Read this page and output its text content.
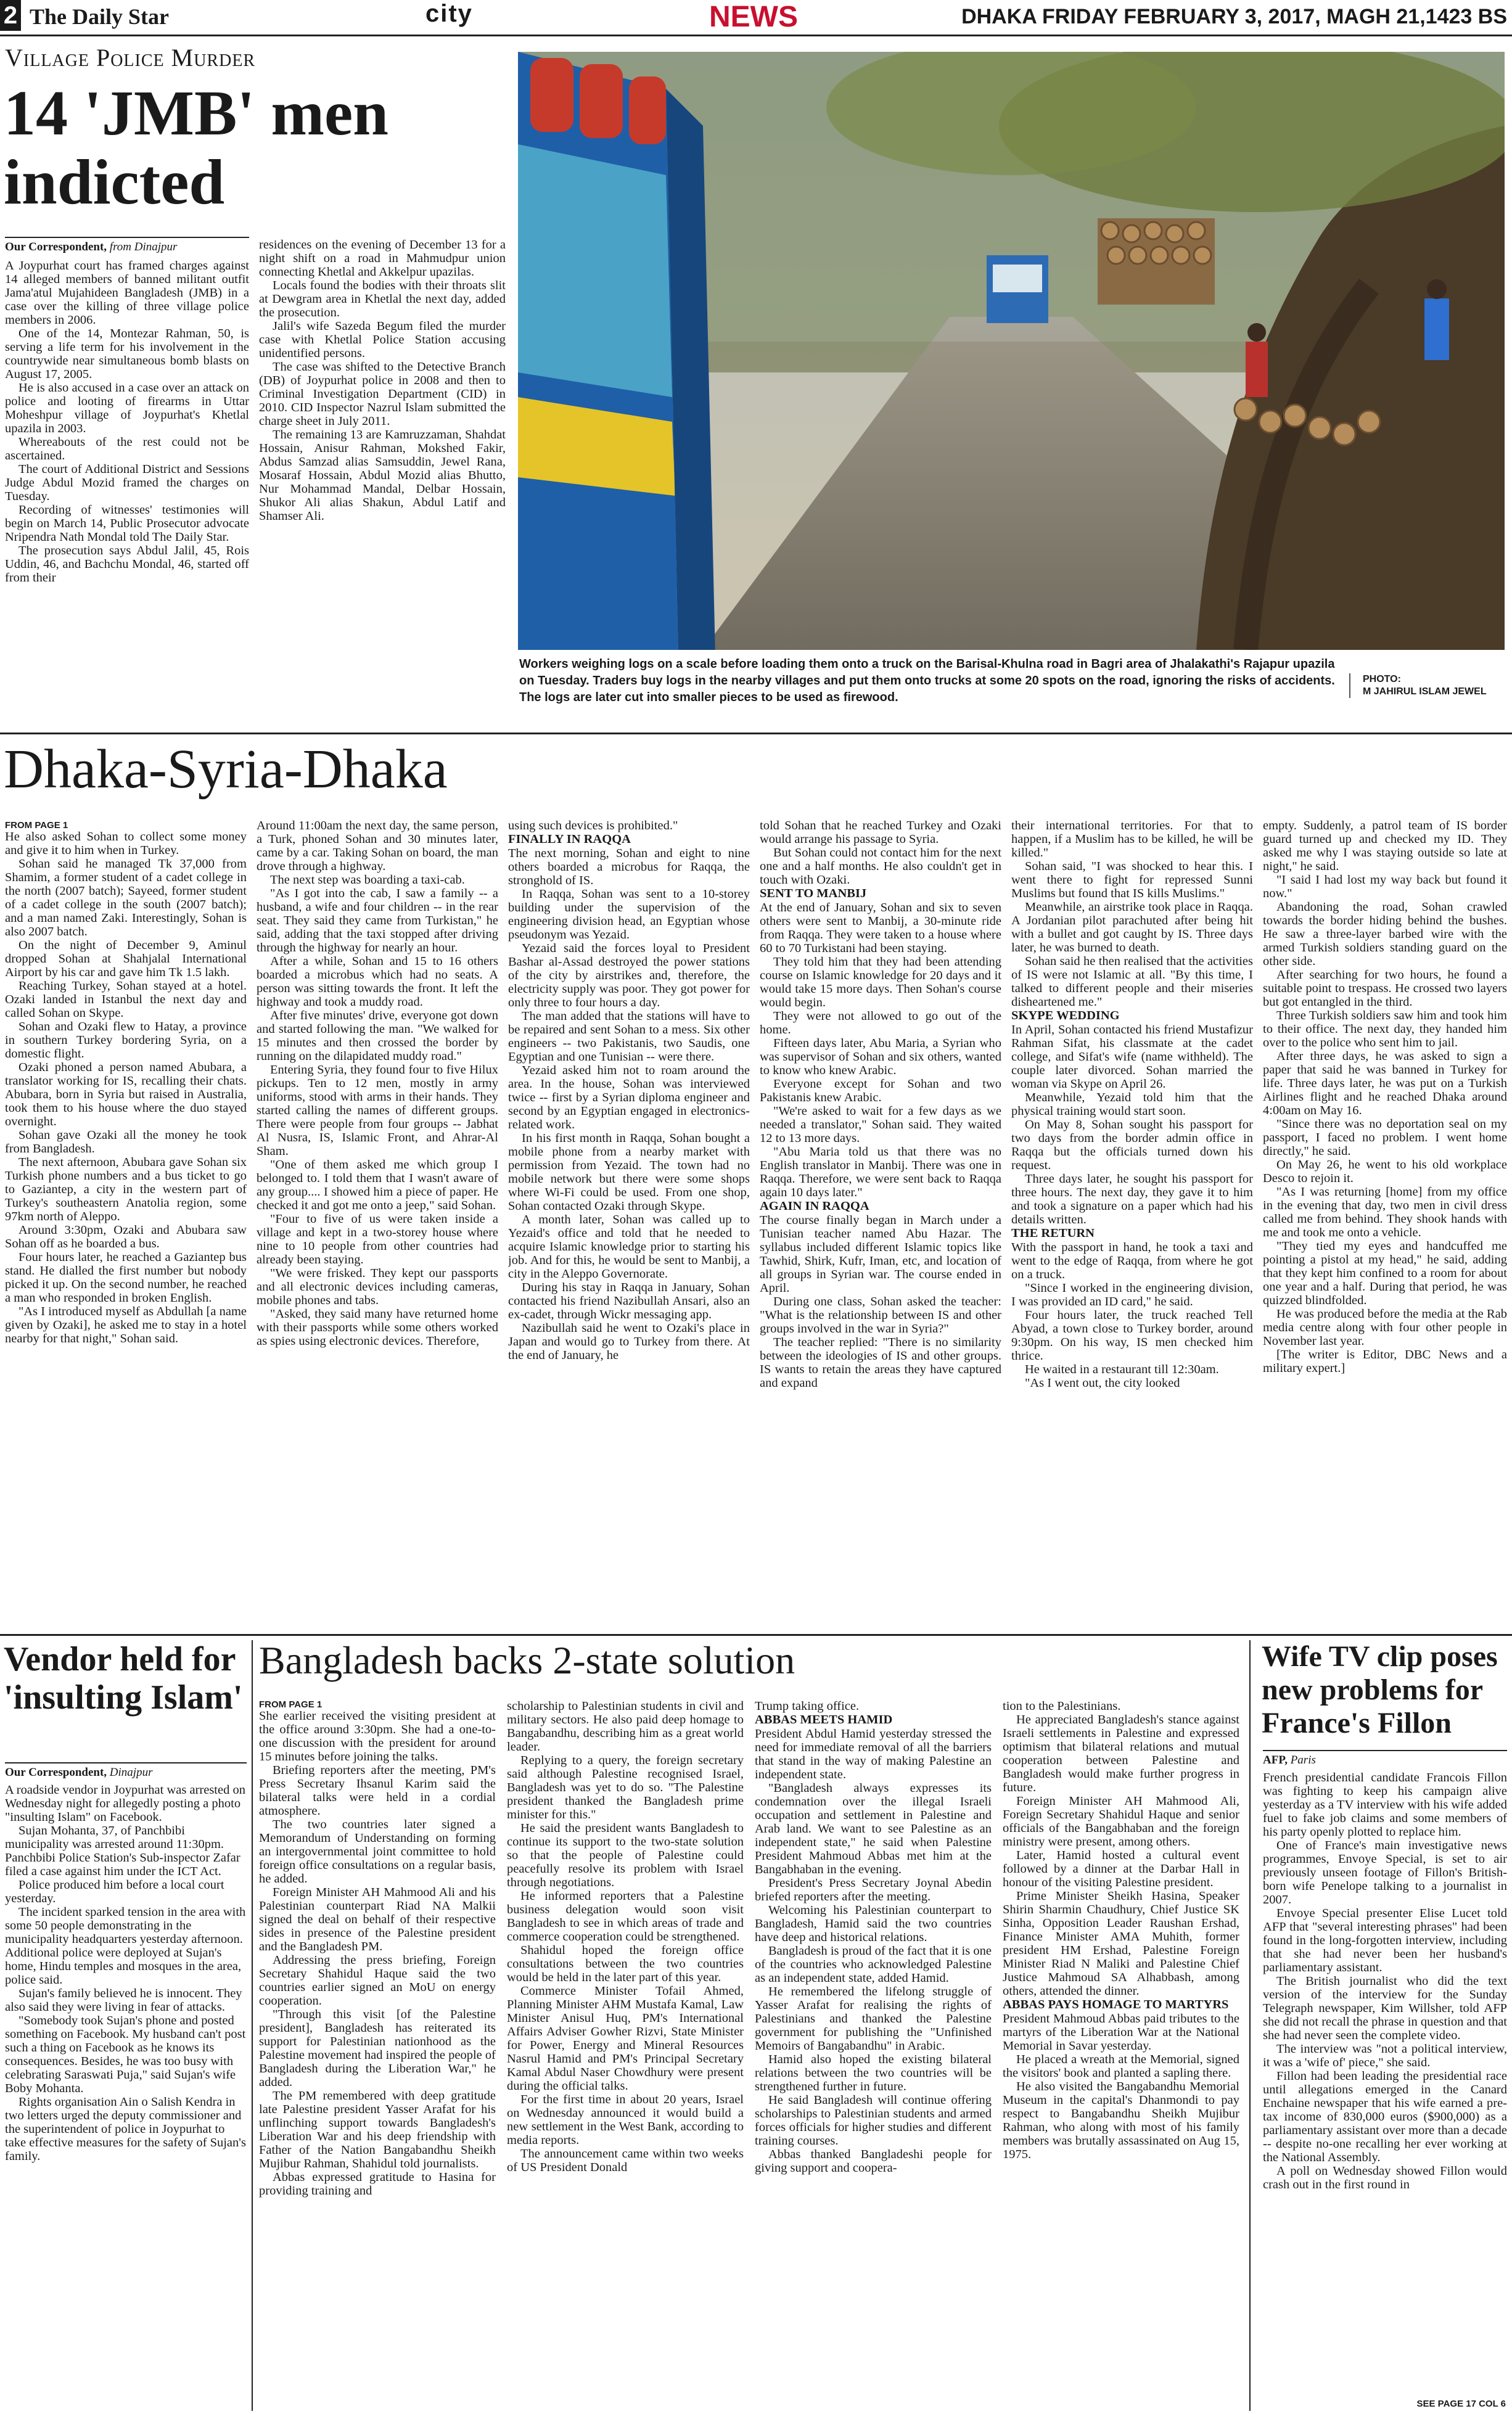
2 The Daily Star	city	NEWS	DHAKA FRIDAY FEBRUARY 3, 2017, MAGH 21,1423 BS
Village Police Murder
14 'JMB' men
indicted
Our Correspondent, from Dinajpur

A Joypurhat court has framed charges against 14 alleged members of banned militant outfit Jama'atul Mujahideen Bangladesh (JMB) in a case over the killing of three village police members in 2006.

One of the 14, Montezar Rahman, 50, is serving a life term for his involvement in the countrywide near simultaneous bomb blasts on August 17, 2005.

He is also accused in a case over an attack on police and looting of firearms in Uttar Moheshpur village of Joypurhat's Khetlal upazila in 2003.

Whereabouts of the rest could not be ascertained.

The court of Additional District and Sessions Judge Abdul Mozid framed the charges on Tuesday.

Recording of witnesses' testimonies will begin on March 14, Public Prosecutor advocate Nripendra Nath Mondal told The Daily Star.

The prosecution says Abdul Jalil, 45, Rois Uddin, 46, and Bachchu Mondal, 46, started off from their

residences on the evening of December 13 for a night shift on a road in Mahmudpur union connecting Khetlal and Akkelpur upazilas.

Locals found the bodies with their throats slit at Dewgram area in Khetlal the next day, added the prosecution.

Jalil's wife Sazeda Begum filed the murder case with Khetlal Police Station accusing unidentified persons.

The case was shifted to the Detective Branch (DB) of Joypurhat police in 2008 and then to Criminal Investigation Department (CID) in 2010. CID Inspector Nazrul Islam submitted the charge sheet in July 2011.

The remaining 13 are Kamruzzaman, Shahdat Hossain, Anisur Rahman, Mokshed Fakir, Abdus Samzad alias Samsuddin, Jewel Rana, Mosaraf Hossain, Abdul Mozid alias Bhutto, Nur Mohammad Mandal, Delbar Hossain, Shukor Ali alias Shakun, Abdul Latif and Shamser Ali.

Workers weighing logs on a scale before loading them onto a truck on the Barisal-Khulna road in Bagri area of Jhalakathi's Rajapur upazila on Tuesday. Traders buy logs in the nearby villages and put them onto trucks at some 20 spots on the road, ignoring the risks of accidents. The logs are later cut into smaller pieces to be used as firewood.
PHOTO:
M JAHIRUL ISLAM JEWEL
Dhaka-Syria-Dhaka
FROM PAGE 1

He also asked Sohan to collect some money and give it to him when in Turkey.

Sohan said he managed Tk 37,000 from Shamim, a former student of a cadet college in the north (2007 batch); Sayeed, former student of a cadet college in the south (2007 batch); and a man named Zaki. Interestingly, Sohan is also 2007 batch.

On the night of December 9, Aminul dropped Sohan at Shahjalal International Airport by his car and gave him Tk 1.5 lakh.

Reaching Turkey, Sohan stayed at a hotel. Ozaki landed in Istanbul the next day and called Sohan on Skype.

Sohan and Ozaki flew to Hatay, a province in southern Turkey bordering Syria, on a domestic flight.

Ozaki phoned a person named Abubara, a translator working for IS, recalling their chats. Abubara, born in Syria but raised in Australia, took them to his house where the duo stayed overnight.

Sohan gave Ozaki all the money he took from Bangladesh.

The next afternoon, Abubara gave Sohan six Turkish phone numbers and a bus ticket to go to Gaziantep, a city in the western part of Turkey's southeastern Anatolia region, some 97km north of Aleppo.

Around 3:30pm, Ozaki and Abubara saw Sohan off as he boarded a bus.

Four hours later, he reached a Gaziantep bus stand. He dialled the first number but nobody picked it up. On the second number, he reached a man who responded in broken English.

"As I introduced myself as Abdullah [a name given by Ozaki], he asked me to stay in a hotel nearby for that night," Sohan said.

Around 11:00am the next day, the same person, a Turk, phoned Sohan and 30 minutes later, came by a car. Taking Sohan on board, the man drove through a highway.

The next step was boarding a taxi-cab.

"As I got into the cab, I saw a family -- a husband, a wife and four children -- in the rear seat. They said they came from Turkistan," he said, adding that the taxi stopped after driving through the highway for nearly an hour.

After a while, Sohan and 15 to 16 others boarded a microbus which had no seats. A person was sitting towards the front. It left the highway and took a muddy road.

After five minutes' drive, everyone got down and started following the man. "We walked for 15 minutes and then crossed the border by running on the dilapidated muddy road."

Entering Syria, they found four to five Hilux pickups. Ten to 12 men, mostly in army uniforms, stood with arms in their hands. They started calling the names of different groups. There were people from four groups -- Jabhat Al Nusra, IS, Islamic Front, and Ahrar-Al Sham.

"One of them asked me which group I belonged to. I told them that I wasn't aware of any group.... I showed him a piece of paper. He checked it and got me onto a jeep," said Sohan.

"Four to five of us were taken inside a village and kept in a two-storey house where nine to 10 people from other countries had already been staying.

"We were frisked. They kept our passports and all electronic devices including cameras, mobile phones and tabs.

"Asked, they said many have returned home with their passports while some others worked as spies using electronic devices. Therefore,

using such devices is prohibited."

FINALLY IN RAQQA

The next morning, Sohan and eight to nine others boarded a microbus for Raqqa, the stronghold of IS.

In Raqqa, Sohan was sent to a 10-storey building under the supervision of the engineering division head, an Egyptian whose pseudonym was Yezaid.

Yezaid said the forces loyal to President Bashar al-Assad destroyed the power stations of the city by airstrikes and, therefore, the electricity supply was poor. They got power for only three to four hours a day.

The man added that the stations will have to be repaired and sent Sohan to a mess. Six other engineers -- two Pakistanis, two Saudis, one Egyptian and one Tunisian -- were there.

Yezaid asked him not to roam around the area. In the house, Sohan was interviewed twice -- first by a Syrian diploma engineer and second by an Egyptian engaged in electronics-related work.

In his first month in Raqqa, Sohan bought a mobile phone from a nearby market with permission from Yezaid. The town had no mobile network but there were some shops where Wi-Fi could be used. From one shop, Sohan contacted Ozaki through Skype.

A month later, Sohan was called up to Yezaid's office and told that he needed to acquire Islamic knowledge prior to starting his job. And for this, he would be sent to Manbij, a city in the Aleppo Governorate.

During his stay in Raqqa in January, Sohan contacted his friend Nazibullah Ansari, also an ex-cadet, through Wickr messaging app.

Nazibullah said he went to Ozaki's place in Japan and would go to Turkey from there. At the end of January, he

told Sohan that he reached Turkey and Ozaki would arrange his passage to Syria.

But Sohan could not contact him for the next one and a half months. He also couldn't get in touch with Ozaki.

SENT TO MANBIJ

At the end of January, Sohan and six to seven others were sent to Manbij, a 30-minute ride from Raqqa. They were taken to a house where 60 to 70 Turkistani had been staying.

They told him that they had been attending course on Islamic knowledge for 20 days and it would take 15 more days. Then Sohan's course would begin.

They were not allowed to go out of the home.

Fifteen days later, Abu Maria, a Syrian who was supervisor of Sohan and six others, wanted to know who knew Arabic.

Everyone except for Sohan and two Pakistanis knew Arabic.

"We're asked to wait for a few days as we needed a translator," Sohan said. They waited 12 to 13 more days.

"Abu Maria told us that there was no English translator in Manbij. There was one in Raqqa. Therefore, we were sent back to Raqqa again 10 days later."

AGAIN IN RAQQA

The course finally began in March under a Tunisian teacher named Abu Hazar. The syllabus included different Islamic topics like Tawhid, Shirk, Kufr, Iman, etc, and location of all groups in Syrian war. The course ended in April.

During one class, Sohan asked the teacher: "What is the relationship between IS and other groups involved in the war in Syria?"

The teacher replied: "There is no similarity between the ideologies of IS and other groups. IS wants to retain the areas they have captured and expand

their international territories. For that to happen, if a Muslim has to be killed, he will be killed."

Sohan said, "I was shocked to hear this. I went there to fight for repressed Sunni Muslims but found that IS kills Muslims."

Meanwhile, an airstrike took place in Raqqa. A Jordanian pilot parachuted after being hit with a bullet and got caught by IS. Three days later, he was burned to death.

Sohan said he then realised that the activities of IS were not Islamic at all. "By this time, I talked to different people and their miseries disheartened me."

SKYPE WEDDING

In April, Sohan contacted his friend Mustafizur Rahman Sifat, his classmate at the cadet college, and Sifat's wife (name withheld). The couple later divorced. Sohan married the woman via Skype on April 26.

Meanwhile, Yezaid told him that the physical training would start soon.

On May 8, Sohan sought his passport for two days from the border admin office in Raqqa but the officials turned down his request.

Three days later, he sought his passport for three hours. The next day, they gave it to him and took a signature on a paper which had his details written.

THE RETURN

With the passport in hand, he took a taxi and went to the edge of Raqqa, from where he got on a truck.

"Since I worked in the engineering division, I was provided an ID card," he said.

Four hours later, the truck reached Tell Abyad, a town close to Turkey border, around 9:30pm. On his way, IS men checked him thrice.

He waited in a restaurant till 12:30am.

"As I went out, the city looked

empty. Suddenly, a patrol team of IS border guard turned up and checked my ID. They asked me why I was staying outside so late at night," he said.

"I said I had lost my way back but found it now."

Abandoning the road, Sohan crawled towards the border hiding behind the bushes. He saw a three-layer barbed wire with the armed Turkish soldiers standing guard on the other side.

After searching for two hours, he found a suitable point to trespass. He crossed two layers but got entangled in the third.

Three Turkish soldiers saw him and took him to their office. The next day, they handed him over to the police who sent him to jail.

After three days, he was asked to sign a paper that said he was banned in Turkey for life. Three days later, he was put on a Turkish Airlines flight and he reached Dhaka around 4:00am on May 16.

"Since there was no deportation seal on my passport, I faced no problem. I went home directly," he said.

On May 26, he went to his old workplace Desco to rejoin it.

"As I was returning [home] from my office in the evening that day, two men in civil dress called me from behind. They shook hands with me and took me onto a vehicle.

"They tied my eyes and handcuffed me pointing a pistol at my head," he said, adding that they kept him confined to a room for about one year and a half. During that period, he was quizzed blindfolded.

He was produced before the media at the Rab media centre along with four other people in November last year.

[The writer is Editor, DBC News and a military expert.]

Vendor held for 'insulting Islam'
Our Correspondent, Dinajpur

A roadside vendor in Joypurhat was arrested on Wednesday night for allegedly posting a photo "insulting Islam" on Facebook.

Sujan Mohanta, 37, of Panchbibi municipality was arrested around 11:30pm. Panchbibi Police Station's Sub-inspector Zafar filed a case against him under the ICT Act.

Police produced him before a local court yesterday.

The incident sparked tension in the area with some 50 people demonstrating in the municipality headquarters yesterday afternoon. Additional police were deployed at Sujan's home, Hindu temples and mosques in the area, police said.

Sujan's family believed he is innocent. They also said they were living in fear of attacks.

"Somebody took Sujan's phone and posted something on Facebook. My husband can't post such a thing on Facebook as he knows its consequences. Besides, he was too busy with celebrating Saraswati Puja," said Sujan's wife Boby Mohanta.

Rights organisation Ain o Salish Kendra in two letters urged the deputy commissioner and the superintendent of police in Joypurhat to take effective measures for the safety of Sujan's family.

Bangladesh backs 2-state solution
FROM PAGE 1

She earlier received the visiting president at the office around 3:30pm. She had a one-to-one discussion with the president for around 15 minutes before joining the talks.

Briefing reporters after the meeting, PM's Press Secretary Ihsanul Karim said the bilateral talks were held in a cordial atmosphere.

The two countries later signed a Memorandum of Understanding on forming an intergovernmental joint committee to hold foreign office consultations on a regular basis, he added.

Foreign Minister AH Mahmood Ali and his Palestinian counterpart Riad NA Malkii signed the deal on behalf of their respective sides in presence of the Palestine president and the Bangladesh PM.

Addressing the press briefing, Foreign Secretary Shahidul Haque said the two countries earlier signed an MoU on energy cooperation.

"Through this visit [of the Palestine president], Bangladesh has reiterated its support for Palestinian nationhood as the Palestine movement had inspired the people of Bangladesh during the Liberation War," he added.

The PM remembered with deep gratitude late Palestine president Yasser Arafat for his unflinching support towards Bangladesh's Liberation War and his deep friendship with Father of the Nation Bangabandhu Sheikh Mujibur Rahman, Shahidul told journalists.

Abbas expressed gratitude to Hasina for providing training and

scholarship to Palestinian students in civil and military sectors. He also paid deep homage to Bangabandhu, describing him as a great world leader.

Replying to a query, the foreign secretary said although Palestine recognised Israel, Bangladesh was yet to do so. "The Palestine president thanked the Bangladesh prime minister for this."

He said the president wants Bangladesh to continue its support to the two-state solution so that the people of Palestine could peacefully resolve its problem with Israel through negotiations.

He informed reporters that a Palestine business delegation would soon visit Bangladesh to see in which areas of trade and commerce cooperation could be strengthened.

Shahidul hoped the foreign office consultations between the two countries would be held in the later part of this year.

Commerce Minister Tofail Ahmed, Planning Minister AHM Mustafa Kamal, Law Minister Anisul Huq, PM's International Affairs Adviser Gowher Rizvi, State Minister for Power, Energy and Mineral Resources Nasrul Hamid and PM's Principal Secretary Kamal Abdul Naser Chowdhury were present during the official talks.

For the first time in about 20 years, Israel on Wednesday announced it would build a new settlement in the West Bank, according to media reports.

The announcement came within two weeks of US President Donald

Trump taking office.

ABBAS MEETS HAMID

President Abdul Hamid yesterday stressed the need for immediate removal of all the barriers that stand in the way of making Palestine an independent state.

"Bangladesh always expresses its condemnation over the illegal Israeli occupation and settlement in Palestine and Arab land. We want to see Palestine as an independent state," he said when Palestine President Mahmoud Abbas met him at the Bangabhaban in the evening.

President's Press Secretary Joynal Abedin briefed reporters after the meeting.

Welcoming his Palestinian counterpart to Bangladesh, Hamid said the two countries have deep and historical relations.

Bangladesh is proud of the fact that it is one of the countries who acknowledged Palestine as an independent state, added Hamid.

He remembered the lifelong struggle of Yasser Arafat for realising the rights of Palestinians and thanked the Palestine government for publishing the "Unfinished Memoirs of Bangabandhu" in Arabic.

Hamid also hoped the existing bilateral relations between the two countries will be strengthened further in future.

He said Bangladesh will continue offering scholarships to Palestinian students and armed forces officials for higher studies and different training courses.

Abbas thanked Bangladeshi people for giving support and coopera-

tion to the Palestinians.

He appreciated Bangladesh's stance against Israeli settlements in Palestine and expressed optimism that bilateral relations and mutual cooperation between Palestine and Bangladesh would make further progress in future.

Foreign Minister AH Mahmood Ali, Foreign Secretary Shahidul Haque and senior officials of the Bangabhaban and the foreign ministry were present, among others.

Later, Hamid hosted a cultural event followed by a dinner at the Darbar Hall in honour of the visiting Palestine president.

Prime Minister Sheikh Hasina, Speaker Shirin Sharmin Chaudhury, Chief Justice SK Sinha, Opposition Leader Raushan Ershad, Finance Minister AMA Muhith, former president HM Ershad, Palestine Foreign Minister Riad N Maliki and Palestine Chief Justice Mahmoud SA Alhabbash, among others, attended the dinner.

ABBAS PAYS HOMAGE TO MARTYRS

President Mahmoud Abbas paid tributes to the martyrs of the Liberation War at the National Memorial in Savar yesterday.

He placed a wreath at the Memorial, signed the visitors' book and planted a sapling there.

He also visited the Bangabandhu Memorial Museum in the capital's Dhanmondi to pay respect to Bangabandhu Sheikh Mujibur Rahman, who along with most of his family members was brutally assassinated on Aug 15, 1975.

Wife TV clip poses new problems for France's Fillon
AFP, Paris

French presidential candidate Francois Fillon was fighting to keep his campaign alive yesterday as a TV interview with his wife added fuel to fake job claims and some members of his party openly plotted to replace him.

One of France's main investigative news programmes, Envoye Special, is set to air previously unseen footage of Fillon's British-born wife Penelope talking to a journalist in 2007.

Envoye Special presenter Elise Lucet told AFP that "several interesting phrases" had been found in the long-forgotten interview, including that she had never been her husband's parliamentary assistant.

The British journalist who did the text version of the interview for the Sunday Telegraph newspaper, Kim Willsher, told AFP she did not recall the phrase in question and that she had never seen the complete video.

The interview was "not a political interview, it was a 'wife of' piece," she said.

Fillon had been leading the presidential race until allegations emerged in the Canard Enchaine newspaper that his wife earned a pre-tax income of 830,000 euros ($900,000) as a parliamentary assistant over more than a decade -- despite no-one recalling her ever working at the National Assembly.

A poll on Wednesday showed Fillon would crash out in the first round in

SEE PAGE 17 COL 6
